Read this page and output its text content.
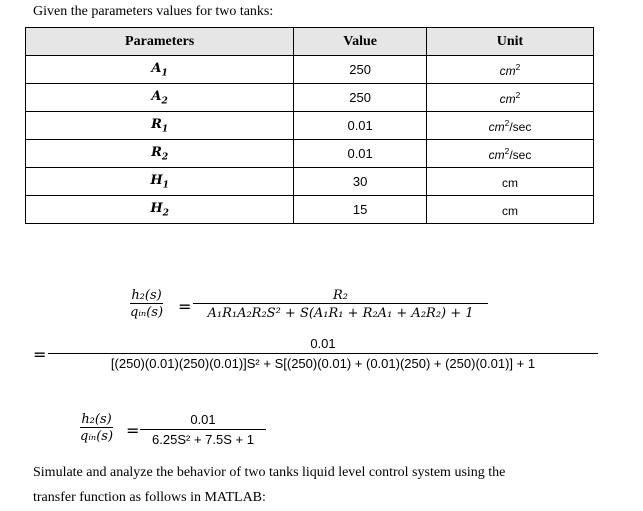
Given the parameters values for two tanks:
Parameters	Value	Unit
$A_1$	250	$cm^2$
$A_2$	250	$cm^2$
$R_1$	0.01	$cm^2/\sec$
$R_2$	0.01	$cm^2/\sec$
$H_1$	30	cm
$H_2$	15	cm
h₂(s)
qᵢₙ(s) = $\frac{\text{R₂}}{\text{A₁R₁A₂R₂S² + S(A₁R₁ + R₂A₁ + A₂R₂) + 1}}$
=
0.01
[(250)(0.01)(250)(0.01)]S² + S[(250)(0.01) + (0.01)(250) + (250)(0.01)] + 1
h₂(s)
qᵢₙ(s) = $\frac{0.01}{\text{6.25S² + 7.5S + 1}}$
Simulate and analyze the behavior of two tanks liquid level control system using the
transfer function as follows in MATLAB:
